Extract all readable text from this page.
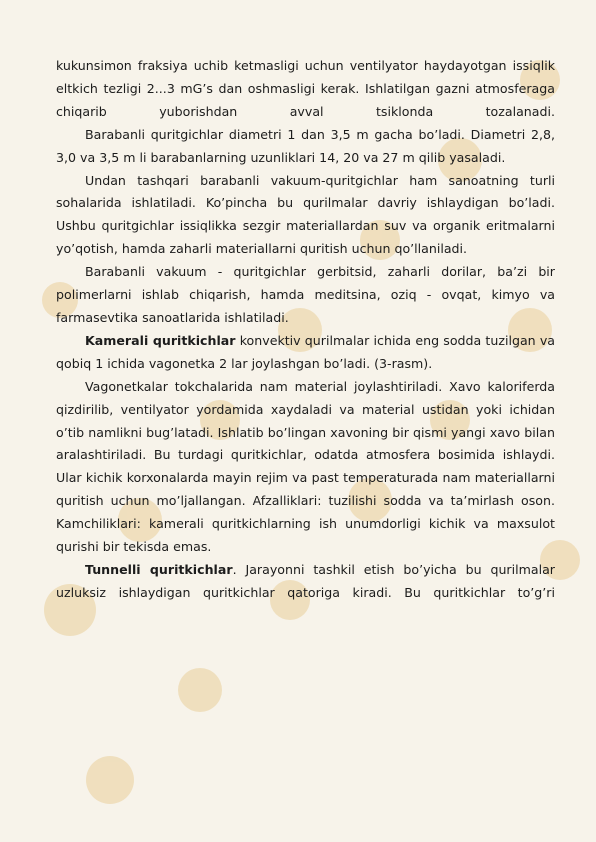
kukunsimon fraksiya uchib ketmasligi uchun ventilyator haydayotgan issiqlik eltkich tezligi 2...3 mG’s dan oshmasligi kerak. Ishlatilgan gazni atmosferaga chiqarib yuborishdan avval tsiklonda tozalanadi.

Barabanli quritgichlar diametri 1 dan 3,5 m gacha bo’ladi. Diametri 2,8, 3,0 va 3,5 m li barabanlarning uzunliklari 14, 20 va 27 m qilib yasaladi.

Undan tashqari barabanli vakuum-quritgichlar ham sanoatning turli sohalarida ishlatiladi. Ko’pincha bu qurilmalar davriy ishlaydigan bo’ladi. Ushbu quritgichlar issiqlikka sezgir materiallardan suv va organik eritmalarni yo’qotish, hamda zaharli materiallarni quritish uchun qo’llaniladi.

Barabanli vakuum - quritgichlar gerbitsid, zaharli dorilar, ba’zi bir polimerlarni ishlab chiqarish, hamda meditsina, oziq - ovqat, kimyo va farmasevtika sanoatlarida ishlatiladi.

Kamerali quritkichlar konvektiv qurilmalar ichida eng sodda tuzilgan va qobiq 1 ichida vagonetka 2 lar joylashgan bo’ladi. (3-rasm).

Vagonetkalar tokchalarida nam material joylashtiriladi. Xavo kaloriferda qizdirilib, ventilyator yordamida xaydaladi va material ustidan yoki ichidan o’tib namlikni bug’latadi. Ishlatib bo’lingan xavoning bir qismi yangi xavo bilan aralashtiriladi. Bu turdagi quritkichlar, odatda atmosfera bosimida ishlaydi. Ular kichik korxonalarda mayin rejim va past temperaturada nam materiallarni quritish uchun mo’ljallangan. Afzalliklari: tuzilishi sodda va ta’mirlash oson. Kamchiliklari: kamerali quritkichlarning ish unumdorligi kichik va maxsulot qurishi bir tekisda emas.

Tunnelli quritkichlar. Jarayonni tashkil etish bo’yicha bu qurilmalar uzluksiz ishlaydigan quritkichlar qatoriga kiradi. Bu quritkichlar to’g’ri
